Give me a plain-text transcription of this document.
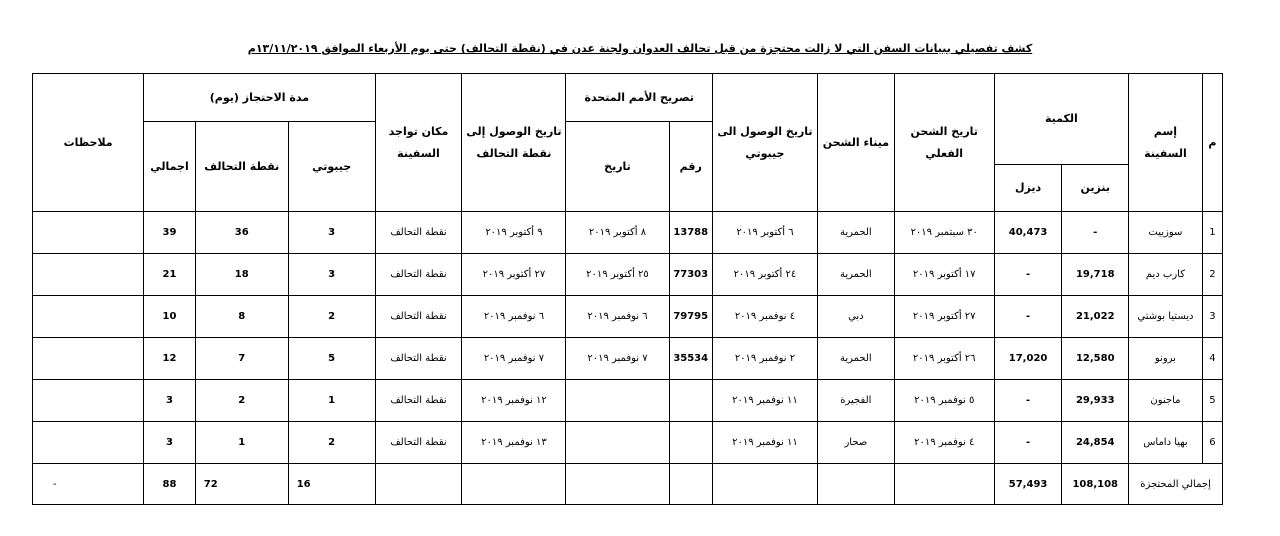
كشف تفصيلي ببيانات السفن التي لا زالت محتجزة من قبل تحالف العدوان ولجنة عدن في (نقطة التحالف) حتى يوم الأربعاء الموافق ١٣/١١/٢٠١٩م
م	إسم السفينة	الكمية		تاريخ الشحن الفعلي	ميناء الشحن	تاريخ الوصول الى جيبوتي	تصريح الأمم المتحدة		تاريخ الوصول إلى نقطة التحالف	مكان تواجد السفينة	مدة الاحتجاز (يوم)			ملاحظات
							رقم	تاريخ			جيبوتي	نقطة التحالف	اجمالي	
		بنزين	ديزل											
1	سوزييت	-	40,473	٣٠ سبتمبر ٢٠١٩	الحمرية	٦ أكتوبر ٢٠١٩	13788	٨ أكتوبر ٢٠١٩	٩ أكتوبر ٢٠١٩	نقطة التحالف	3	36	39	
2	كارب ديم	19,718	-	١٧ أكتوبر ٢٠١٩	الحمرية	٢٤ أكتوبر ٢٠١٩	77303	٢٥ أكتوبر ٢٠١٩	٢٧ أكتوبر ٢٠١٩	نقطة التحالف	3	18	21	
3	ديستيا بوشتي	21,022	-	٢٧ أكتوبر ٢٠١٩	دبي	٤ نوفمبر ٢٠١٩	79795	٦ نوفمبر ٢٠١٩	٦ نوفمبر ٢٠١٩	نقطة التحالف	2	8	10	
4	برونو	12,580	17,020	٢٦ أكتوبر ٢٠١٩	الحمرية	٢ نوفمبر ٢٠١٩	35534	٧ نوفمبر ٢٠١٩	٧ نوفمبر ٢٠١٩	نقطة التحالف	5	7	12	
5	ماجنون	29,933	-	٥ نوفمبر ٢٠١٩	الفجيرة	١١ نوفمبر ٢٠١٩			١٢ نوفمبر ٢٠١٩	نقطة التحالف	1	2	3	
6	بهيا داماس	24,854	-	٤ نوفمبر ٢٠١٩	صحار	١١ نوفمبر ٢٠١٩			١٣ نوفمبر ٢٠١٩	نقطة التحالف	2	1	3	
إجمالي المحتجزة		108,108	57,493								16	72	88	-
